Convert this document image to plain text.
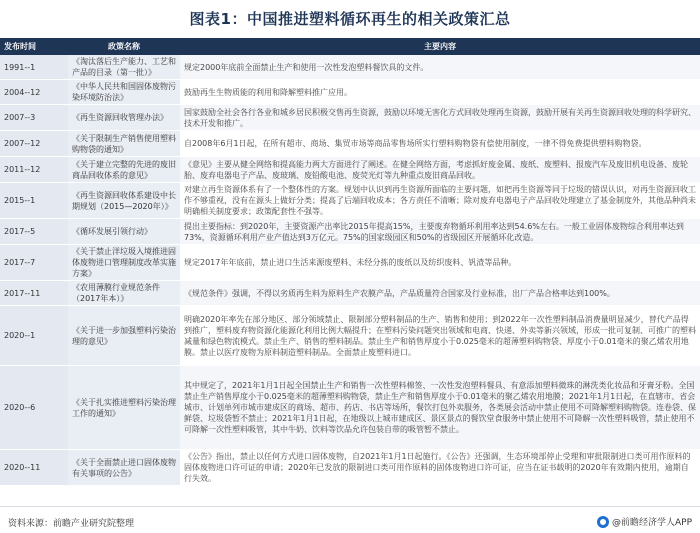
图表1：中国推进塑料循环再生的相关政策汇总
发布时间	政策名称	主要内容
1991--1	《淘汰落后生产能力、工艺和产品的目录（第一批）》	规定2000年底前全面禁止生产和使用一次性发泡塑料餐饮具的文件。
2004--12	《中华人民共和国固体废物污染环境防治法》	鼓励再生生物质能的利用和降解塑料推广应用。
2007--3	《再生资源回收管理办法》	国家鼓励全社会各行各业和城乡居民积极交售再生资源，鼓励以环境无害化方式回收处理再生资源，鼓励开展有关再生资源回收处理的科学研究、技术开发和推广。
2007--12	《关于限制生产销售使用塑料购物袋的通知》	自2008年6月1日起，在所有超市、商场、集贸市场等商品零售场所实行塑料购物袋有偿使用制度，一律不得免费提供塑料购物袋。
2011--12	《关于建立完整的先进的废旧商品回收体系的意见》	《意见》主要从健全网络和提高能力两大方面进行了阐述。在健全网络方面，考虑抓好废金属、废纸、废塑料、报废汽车及废旧机电设备、废轮胎、废弃电器电子产品、废玻璃、废铅酸电池、废荧光灯等九种重点废旧商品回收。
2015--1	《再生资源回收体系建设中长期规划（2015—2020年）》	对建立再生资源体系有了一个整体性的方案。规划中认识到再生资源所面临的主要问题，如把再生资源等同于垃圾的错误认识，对再生资源回收工作不够重视，没有在源头上做好分类；提高了后端回收成本；各方责任不清晰；除对废弃电器电子产品回收处理建立了基金制度外，其他品种尚未明确相关制度要求；政策配套性不强等。
2017--5	《循环发展引领行动》	提出主要指标：到2020年，主要资源产出率比2015年提高15%，主要废弃物循环利用率达到54.6%左右。一般工业固体废物综合利用率达到73%，资源循环利用产业产值达到3万亿元。75%的国家级园区和50%的省级园区开展循环化改造。
2017--7	《关于禁止洋垃圾入境推进固体废物进口管理制度改革实施方案》	规定2017年年底前，禁止进口生活来源废塑料、未经分拣的废纸以及纺织废料、钒渣等品种。
2017--11	《农用薄膜行业规范条件（2017年本）》	《规范条件》强调，不得以劣质再生料为原料生产农膜产品，产品质量符合国家及行业标准，出厂产品合格率达到100%。
2020--1	《关于进一步加强塑料污染治理的意见》	明确2020年率先在部分地区、部分领域禁止、限制部分塑料制品的生产、销售和使用；到2022年一次性塑料制品消费量明显减少，替代产品得到推广，塑料废弃物资源化能源化利用比例大幅提升；在塑料污染问题突出领域和电商、快递、外卖等新兴领域，形成一批可复制、可推广的塑料减量和绿色物流模式。禁止生产、销售的塑料制品。禁止生产和销售厚度小于0.025毫米的超薄塑料购物袋、厚度小于0.01毫米的聚乙烯农用地膜。禁止以医疗废物为原料制造塑料制品。全面禁止废塑料进口。
2020--6	《关于扎实推进塑料污染治理工作的通知》	其中规定了，2021年1月1日起全国禁止生产和销售一次性塑料棉签、一次性发泡塑料餐具、有意添加塑料微珠的淋洗类化妆品和牙膏牙粉。全国禁止生产销售厚度小于0.025毫米的超薄塑料购物袋，禁止生产和销售厚度小于0.01毫米的聚乙烯农用地膜；2021年1月1日起，在直辖市、省会城市、计划单列市城市建成区的商场、超市、药店、书店等场所，餐饮打包外卖服务，各类展会活动中禁止使用不可降解塑料购物袋。连卷袋、保鲜袋、垃圾袋暂不禁止；2021年1月1日起，在地级以上城市建成区、景区景点的餐饮堂食服务中禁止使用不可降解一次性塑料吸管，禁止使用不可降解一次性塑料吸管，其中牛奶、饮料等饮品允许包装自带的吸管暂不禁止。
2020--11	《关于全面禁止进口固体废物有关事项的公告》	《公告》指出，禁止以任何方式进口固体废物，自2021年1月1日起施行。《公告》还强调，生态环境部停止受理和审批限制进口类可用作原料的固体废物进口许可证的申请；2020年已发放的限制进口类可用作原料的固体废物进口许可证，应当在证书载明的2020年有效期内使用，逾期自行失效。
资料来源：前瞻产业研究院整理	@前瞻经济学人APP
